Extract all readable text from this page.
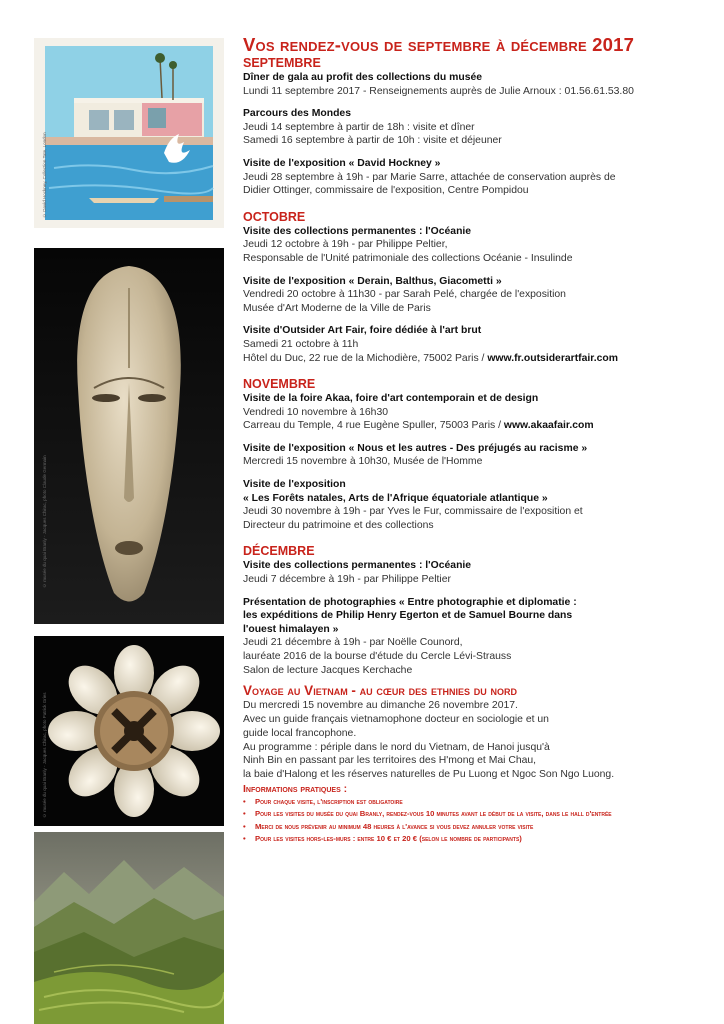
© David Hockney, Collection Tate, London
© musée du quai Branly - Jacques Chirac, photo Claude Germain
© musée du quai Branly - Jacques Chirac, photo Patrick Gries
Vos rendez-vous de septembre à décembre 2017
SEPTEMBRE
Dîner de gala au profit des collections du musée
Lundi 11 septembre 2017 - Renseignements auprès de Julie Arnoux : 01.56.61.53.80
Parcours des Mondes
Jeudi 14 septembre à partir de 18h : visite et dîner
Samedi 16 septembre à partir de 10h : visite et déjeuner
Visite de l'exposition « David Hockney »
Jeudi 28 septembre à 19h - par Marie Sarre, attachée de conservation auprès de
Didier Ottinger, commissaire de l'exposition, Centre Pompidou
OCTOBRE
Visite des collections permanentes : l'Océanie
Jeudi 12 octobre à 19h - par Philippe Peltier,
Responsable de l'Unité patrimoniale des collections Océanie - Insulinde
Visite de l'exposition « Derain, Balthus, Giacometti »
Vendredi 20 octobre à 11h30 - par Sarah Pelé, chargée de l'exposition
Musée d'Art Moderne de la Ville de Paris
Visite d'Outsider Art Fair, foire dédiée à l'art brut
Samedi 21 octobre à 11h
Hôtel du Duc, 22 rue de la Michodière, 75002 Paris / www.fr.outsiderartfair.com
NOVEMBRE
Visite de la foire Akaa, foire d'art contemporain et de design
Vendredi 10 novembre à 16h30
Carreau du Temple, 4 rue Eugène Spuller, 75003 Paris / www.akaafair.com
Visite de l'exposition « Nous et les autres - Des préjugés au racisme »
Mercredi 15 novembre à 10h30, Musée de l'Homme
Visite de l'exposition
« Les Forêts natales, Arts de l'Afrique équatoriale atlantique »
Jeudi 30 novembre à 19h - par Yves le Fur, commissaire de l'exposition et
Directeur du patrimoine et des collections
DÉCEMBRE
Visite des collections permanentes : l'Océanie
Jeudi 7 décembre à 19h - par Philippe Peltier
Présentation de photographies « Entre photographie et diplomatie :
les expéditions de Philip Henry Egerton et de Samuel Bourne dans
l'ouest himalayen »
Jeudi 21 décembre à 19h - par Noëlle Counord,
lauréate 2016 de la bourse d'étude du Cercle Lévi-Strauss
Salon de lecture Jacques Kerchache
Voyage au Vietnam - au cœur des ethnies du nord
Du mercredi 15 novembre au dimanche 26 novembre 2017.
Avec un guide français vietnamophone docteur en sociologie et un
guide local francophone.
Au programme : périple dans le nord du Vietnam, de Hanoi jusqu'à
Ninh Bin en passant par les territoires des H'mong et Mai Chau,
la baie d'Halong et les réserves naturelles de Pu Luong et Ngoc Son Ngo Luong.
Informations pratiques :
• Pour chaque visite, l'inscription est obligatoire
• Pour les visites du musée du quai Branly, rendez-vous 10 minutes avant le début de la visite, dans le hall d'entrée
• Merci de nous prévenir au minimum 48 heures à l'avance si vous devez annuler votre visite
• Pour les visites hors-les-murs : entre 10 € et 20 € (selon le nombre de participants)
